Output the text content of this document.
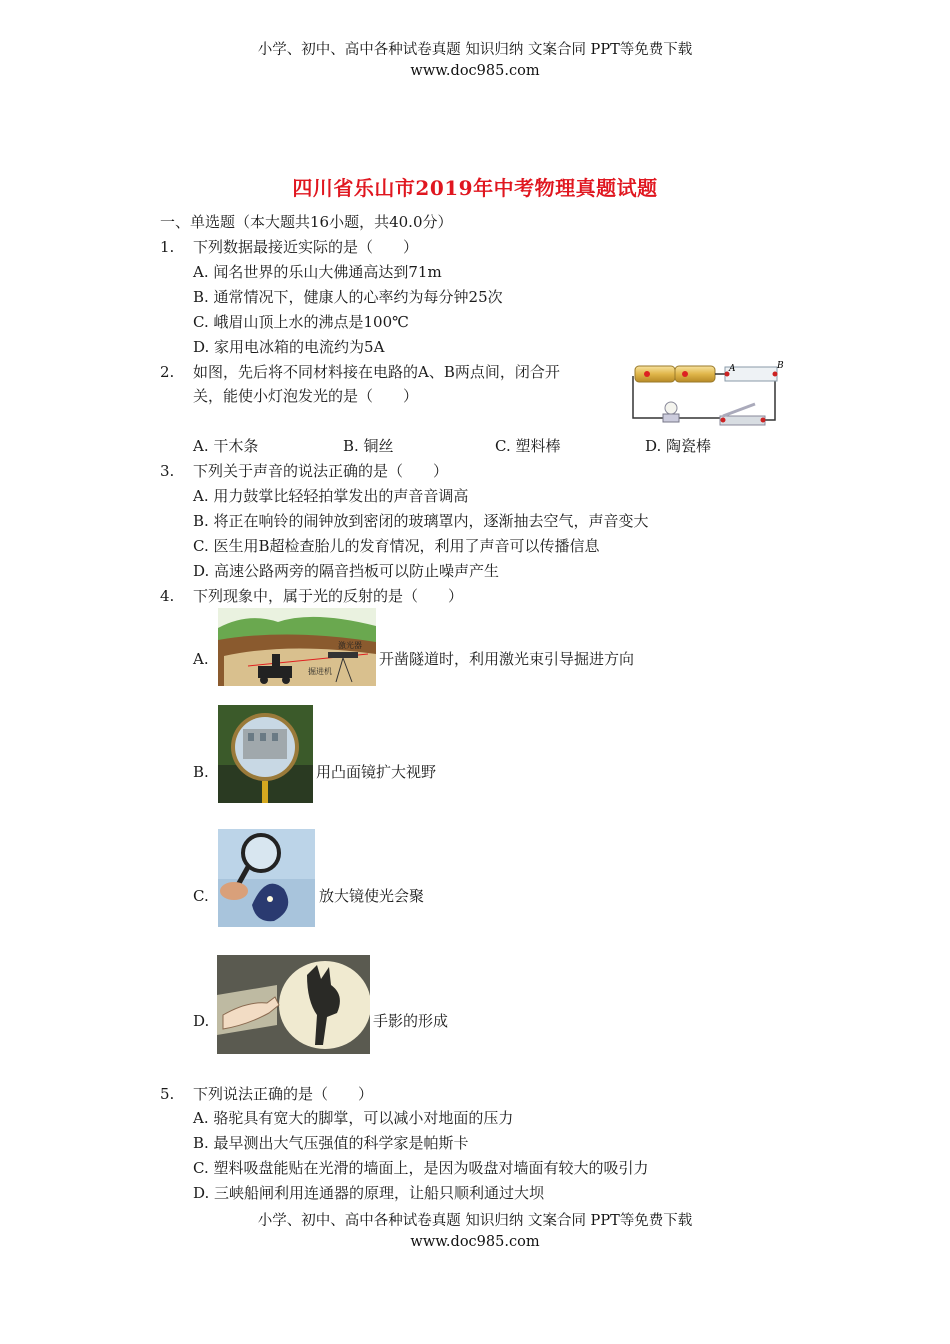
小学、初中、高中各种试卷真题 知识归纳 文案合同 PPT等免费下载
www.doc985.com
四川省乐山市2019年中考物理真题试题
一、单选题（本大题共16小题，共40.0分）
1. 下列数据最接近实际的是（　　）
A. 闻名世界的乐山大佛通高达到71m
B. 通常情况下，健康人的心率约为每分钟25次
C. 峨眉山顶上水的沸点是100℃
D. 家用电冰箱的电流约为5A
2. 如图，先后将不同材料接在电路的A、B两点间，闭合开
关，能使小灯泡发光的是（　　）
A	B
A. 干木条	B. 铜丝	C. 塑料棒	D. 陶瓷棒
3. 下列关于声音的说法正确的是（　　）
A. 用力鼓掌比轻轻拍掌发出的声音音调高
B. 将正在响铃的闹钟放到密闭的玻璃罩内，逐渐抽去空气，声音变大
C. 医生用B超检查胎儿的发育情况，利用了声音可以传播信息
D. 高速公路两旁的隔音挡板可以防止噪声产生
4. 下列现象中，属于光的反射的是（　　）
A.
激光器
掘进机
开凿隧道时，利用激光束引导掘进方向
B.	用凸面镜扩大视野
C.	放大镜使光会聚
D.	手影的形成
5. 下列说法正确的是（　　）
A. 骆驼具有宽大的脚掌，可以减小对地面的压力
B. 最早测出大气压强值的科学家是帕斯卡
C. 塑料吸盘能贴在光滑的墙面上，是因为吸盘对墙面有较大的吸引力
D. 三峡船闸利用连通器的原理，让船只顺利通过大坝
小学、初中、高中各种试卷真题 知识归纳 文案合同 PPT等免费下载
www.doc985.com
